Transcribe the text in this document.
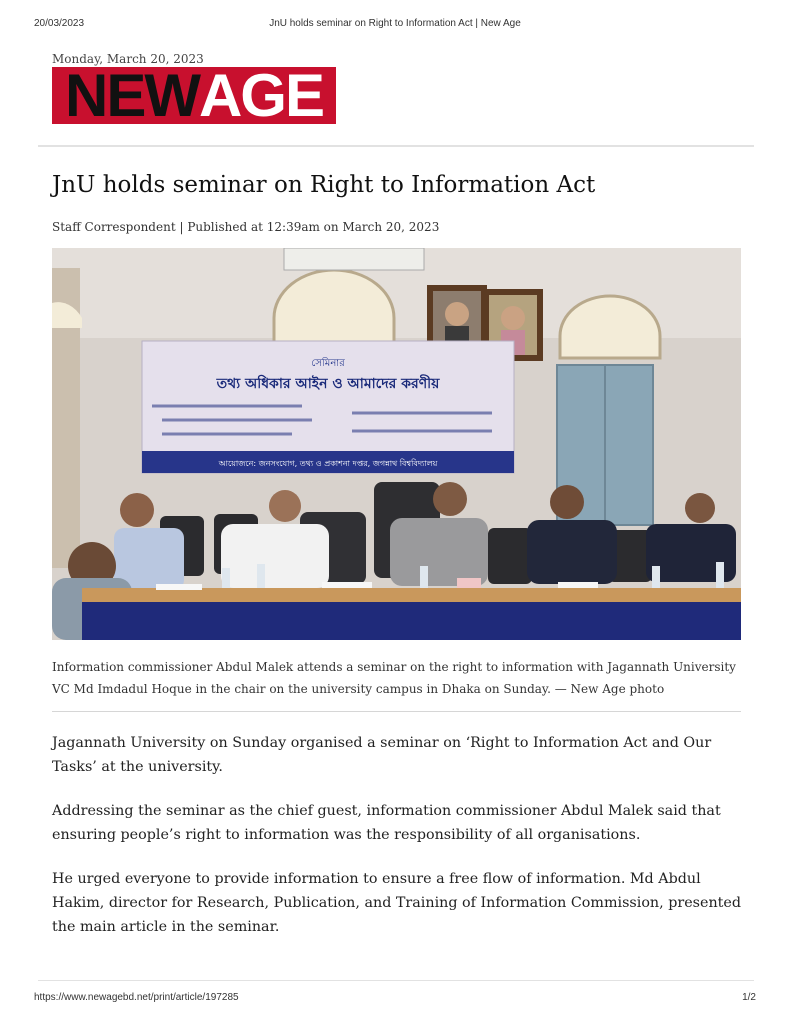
20/03/2023	JnU holds seminar on Right to Information Act | New Age
Monday, March 20, 2023
NEW AGE
JnU holds seminar on Right to Information Act
Staff Correspondent | Published at 12:39am on March 20, 2023
সেমিনার
তথ্য অধিকার আইন ও আমাদের করণীয়
আয়োজনে: জনসংযোগ, তথ্য ও প্রকাশনা দপ্তর, জগন্নাথ বিশ্ববিদ্যালয়
Information commissioner Abdul Malek attends a seminar on the right to information with Jagannath University VC Md Imdadul Hoque in the chair on the university campus in Dhaka on Sunday. — New Age photo

Jagannath University on Sunday organised a seminar on ‘Right to Information Act and Our Tasks’ at the university.

Addressing the seminar as the chief guest, information commissioner Abdul Malek said that ensuring people’s right to information was the responsibility of all organisations.

He urged everyone to provide information to ensure a free flow of information. Md Abdul Hakim, director for Research, Publication, and Training of Information Commission, presented the main article in the seminar.

https://www.newagebd.net/print/article/197285	1/2
